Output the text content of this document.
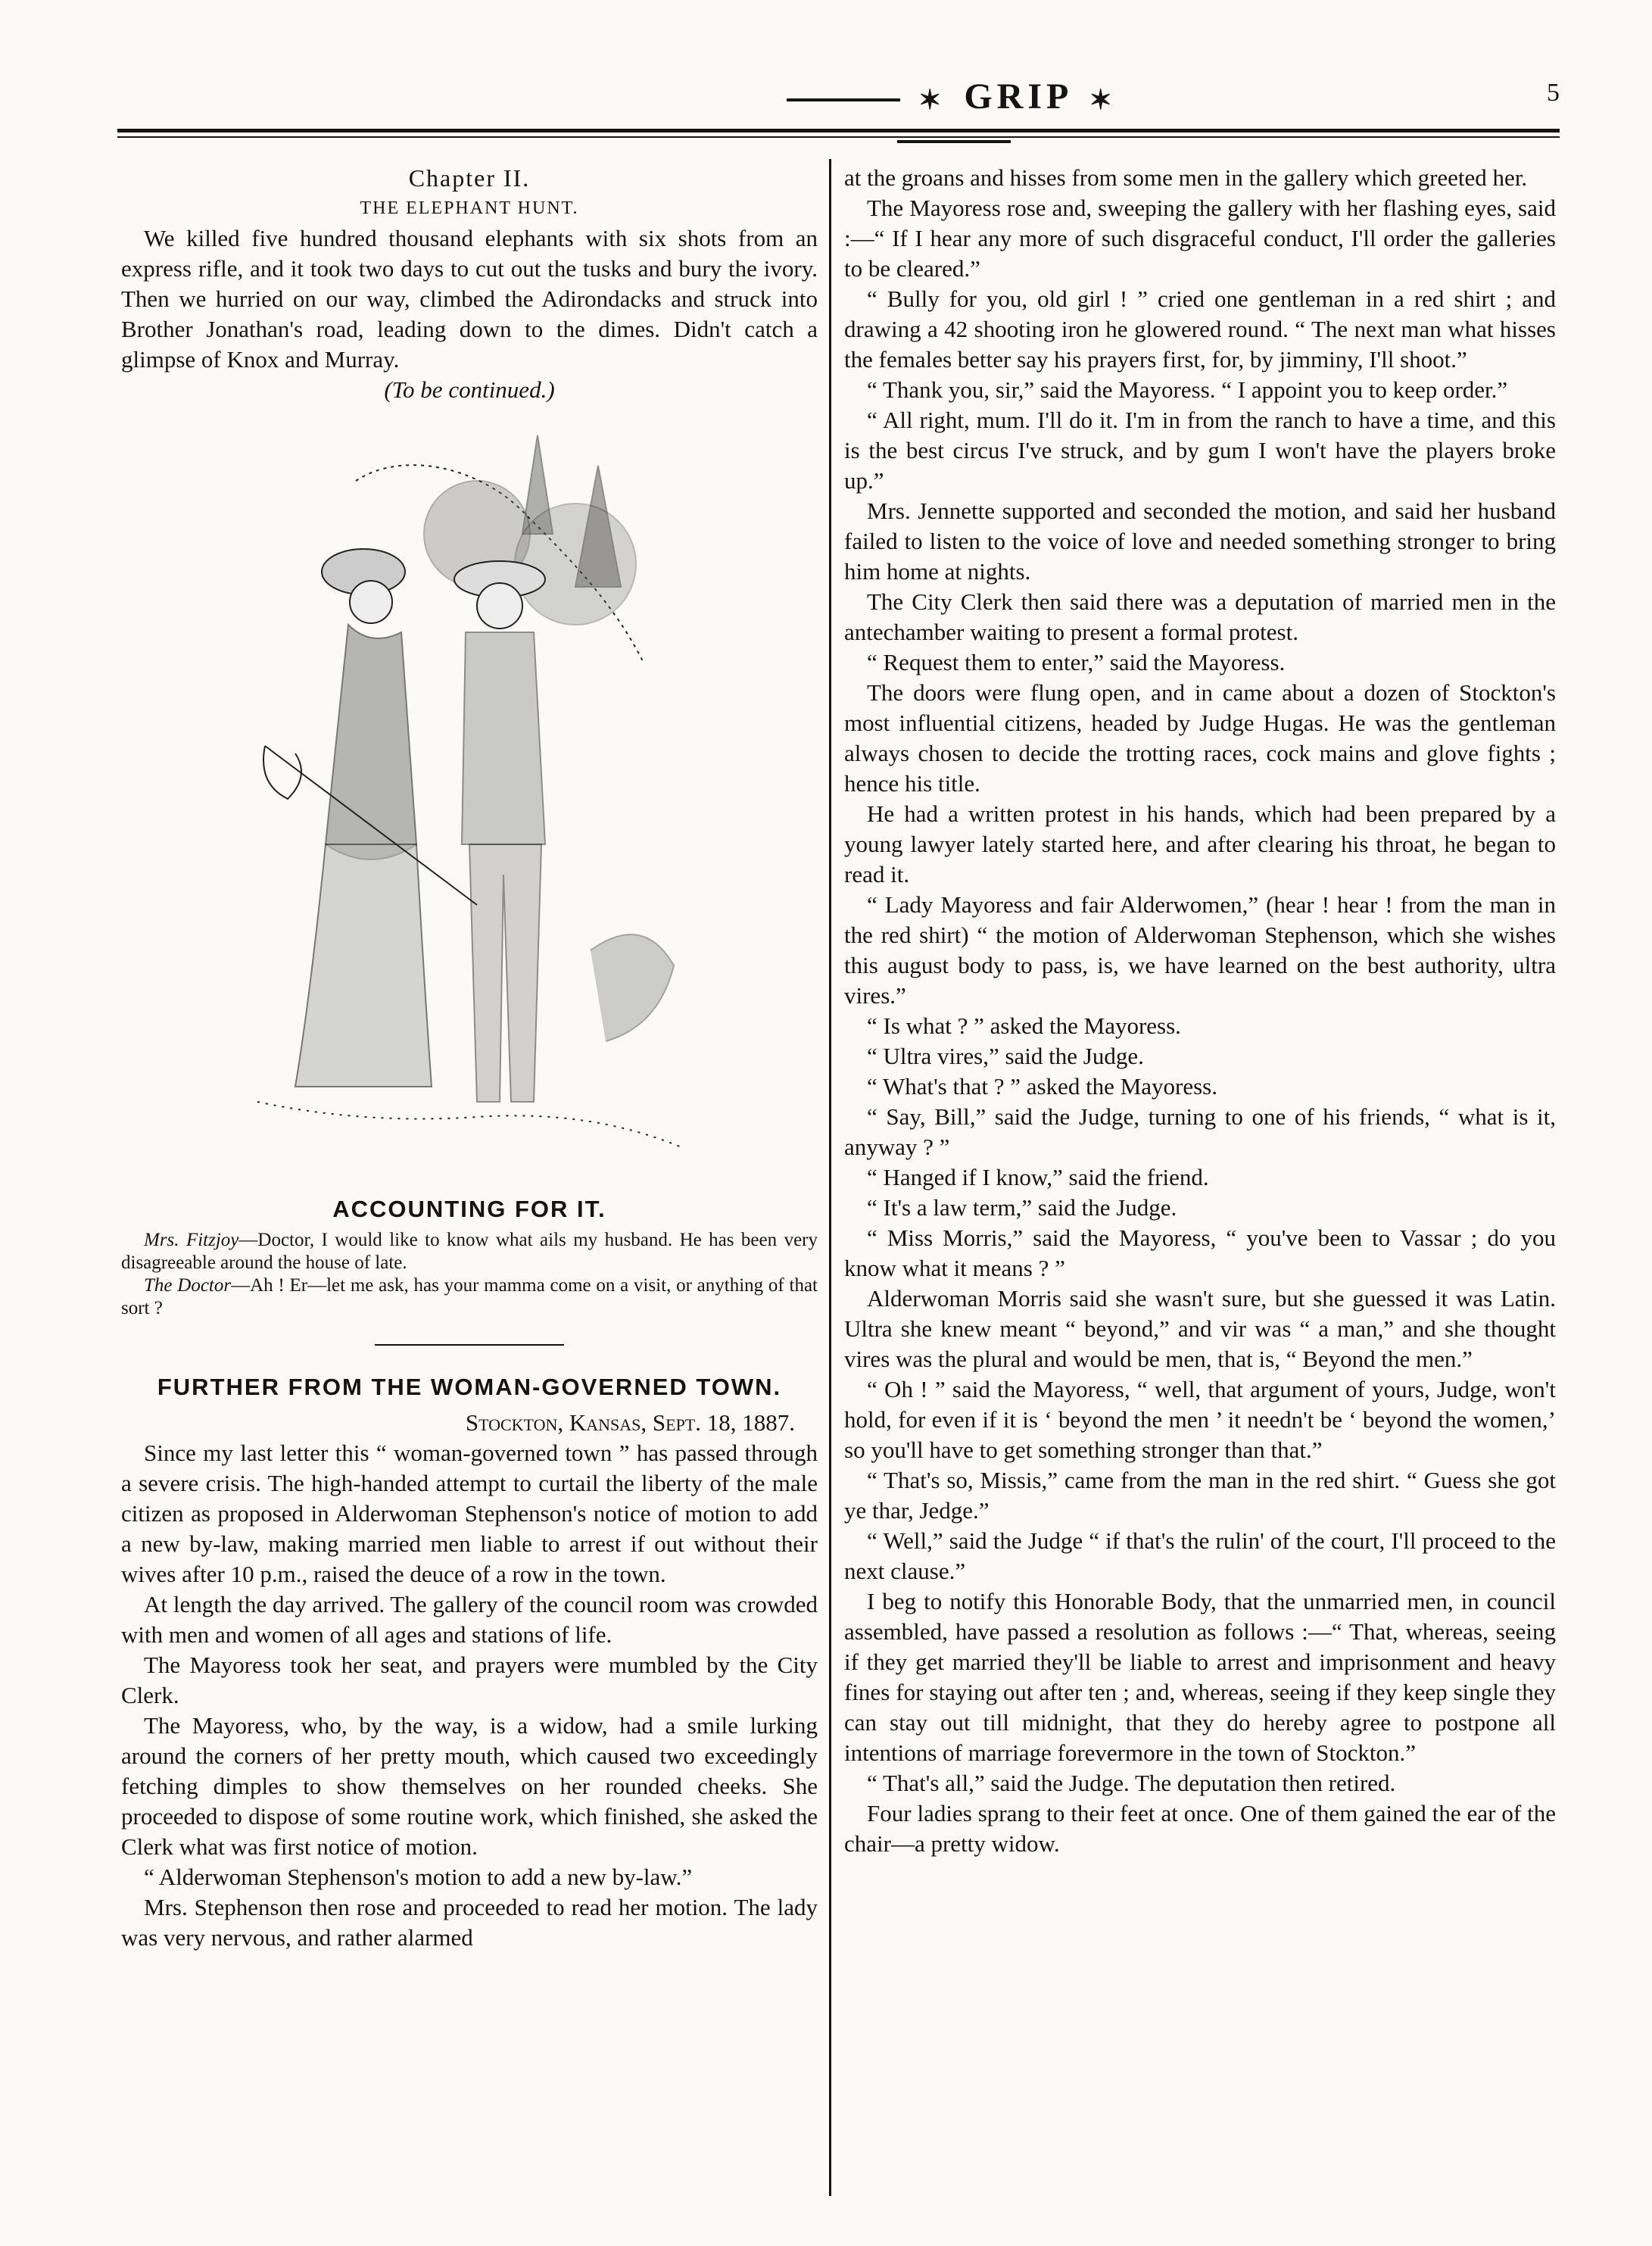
✶ GRIP ✶	5

Chapter II.

THE ELEPHANT HUNT.

We killed five hundred thousand elephants with six shots from an express rifle, and it took two days to cut out the tusks and bury the ivory. Then we hurried on our way, climbed the Adirondacks and struck into Brother Jonathan's road, leading down to the dimes. Didn't catch a glimpse of Knox and Murray.

(To be continued.)

ACCOUNTING FOR IT.

Mrs. Fitzjoy—Doctor, I would like to know what ails my husband. He has been very disagreeable around the house of late.

The Doctor—Ah ! Er—let me ask, has your mamma come on a visit, or anything of that sort ?

FURTHER FROM THE WOMAN-GOVERNED TOWN.

Stockton, Kansas, Sept. 18, 1887.

Since my last letter this “ woman-governed town ” has passed through a severe crisis. The high-handed attempt to curtail the liberty of the male citizen as proposed in Alderwoman Stephenson's notice of motion to add a new by-law, making married men liable to arrest if out without their wives after 10 p.m., raised the deuce of a row in the town.

At length the day arrived. The gallery of the council room was crowded with men and women of all ages and stations of life.

The Mayoress took her seat, and prayers were mumbled by the City Clerk.

The Mayoress, who, by the way, is a widow, had a smile lurking around the corners of her pretty mouth, which caused two exceedingly fetching dimples to show themselves on her rounded cheeks. She proceeded to dispose of some routine work, which finished, she asked the Clerk what was first notice of motion.

“ Alderwoman Stephenson's motion to add a new by-law.”

Mrs. Stephenson then rose and proceeded to read her motion. The lady was very nervous, and rather alarmed

at the groans and hisses from some men in the gallery which greeted her.

The Mayoress rose and, sweeping the gallery with her flashing eyes, said :—“ If I hear any more of such disgraceful conduct, I'll order the galleries to be cleared.”

“ Bully for you, old girl ! ” cried one gentleman in a red shirt ; and drawing a 42 shooting iron he glowered round. “ The next man what hisses the females better say his prayers first, for, by jimminy, I'll shoot.”

“ Thank you, sir,” said the Mayoress. “ I appoint you to keep order.”

“ All right, mum. I'll do it. I'm in from the ranch to have a time, and this is the best circus I've struck, and by gum I won't have the players broke up.”

Mrs. Jennette supported and seconded the motion, and said her husband failed to listen to the voice of love and needed something stronger to bring him home at nights.

The City Clerk then said there was a deputation of married men in the antechamber waiting to present a formal protest.

“ Request them to enter,” said the Mayoress.

The doors were flung open, and in came about a dozen of Stockton's most influential citizens, headed by Judge Hugas. He was the gentleman always chosen to decide the trotting races, cock mains and glove fights ; hence his title.

He had a written protest in his hands, which had been prepared by a young lawyer lately started here, and after clearing his throat, he began to read it.

“ Lady Mayoress and fair Alderwomen,” (hear ! hear ! from the man in the red shirt) “ the motion of Alderwoman Stephenson, which she wishes this august body to pass, is, we have learned on the best authority, ultra vires.”

“ Is what ? ” asked the Mayoress.

“ Ultra vires,” said the Judge.

“ What's that ? ” asked the Mayoress.

“ Say, Bill,” said the Judge, turning to one of his friends, “ what is it, anyway ? ”

“ Hanged if I know,” said the friend.

“ It's a law term,” said the Judge.

“ Miss Morris,” said the Mayoress, “ you've been to Vassar ; do you know what it means ? ”

Alderwoman Morris said she wasn't sure, but she guessed it was Latin. Ultra she knew meant “ beyond,” and vir was “ a man,” and she thought vires was the plural and would be men, that is, “ Beyond the men.”

“ Oh ! ” said the Mayoress, “ well, that argument of yours, Judge, won't hold, for even if it is ‘ beyond the men ’ it needn't be ‘ beyond the women,’ so you'll have to get something stronger than that.”

“ That's so, Missis,” came from the man in the red shirt. “ Guess she got ye thar, Jedge.”

“ Well,” said the Judge “ if that's the rulin' of the court, I'll proceed to the next clause.”

I beg to notify this Honorable Body, that the unmarried men, in council assembled, have passed a resolution as follows :—“ That, whereas, seeing if they get married they'll be liable to arrest and imprisonment and heavy fines for staying out after ten ; and, whereas, seeing if they keep single they can stay out till midnight, that they do hereby agree to postpone all intentions of marriage forevermore in the town of Stockton.”

“ That's all,” said the Judge. The deputation then retired.

Four ladies sprang to their feet at once. One of them gained the ear of the chair—a pretty widow.
